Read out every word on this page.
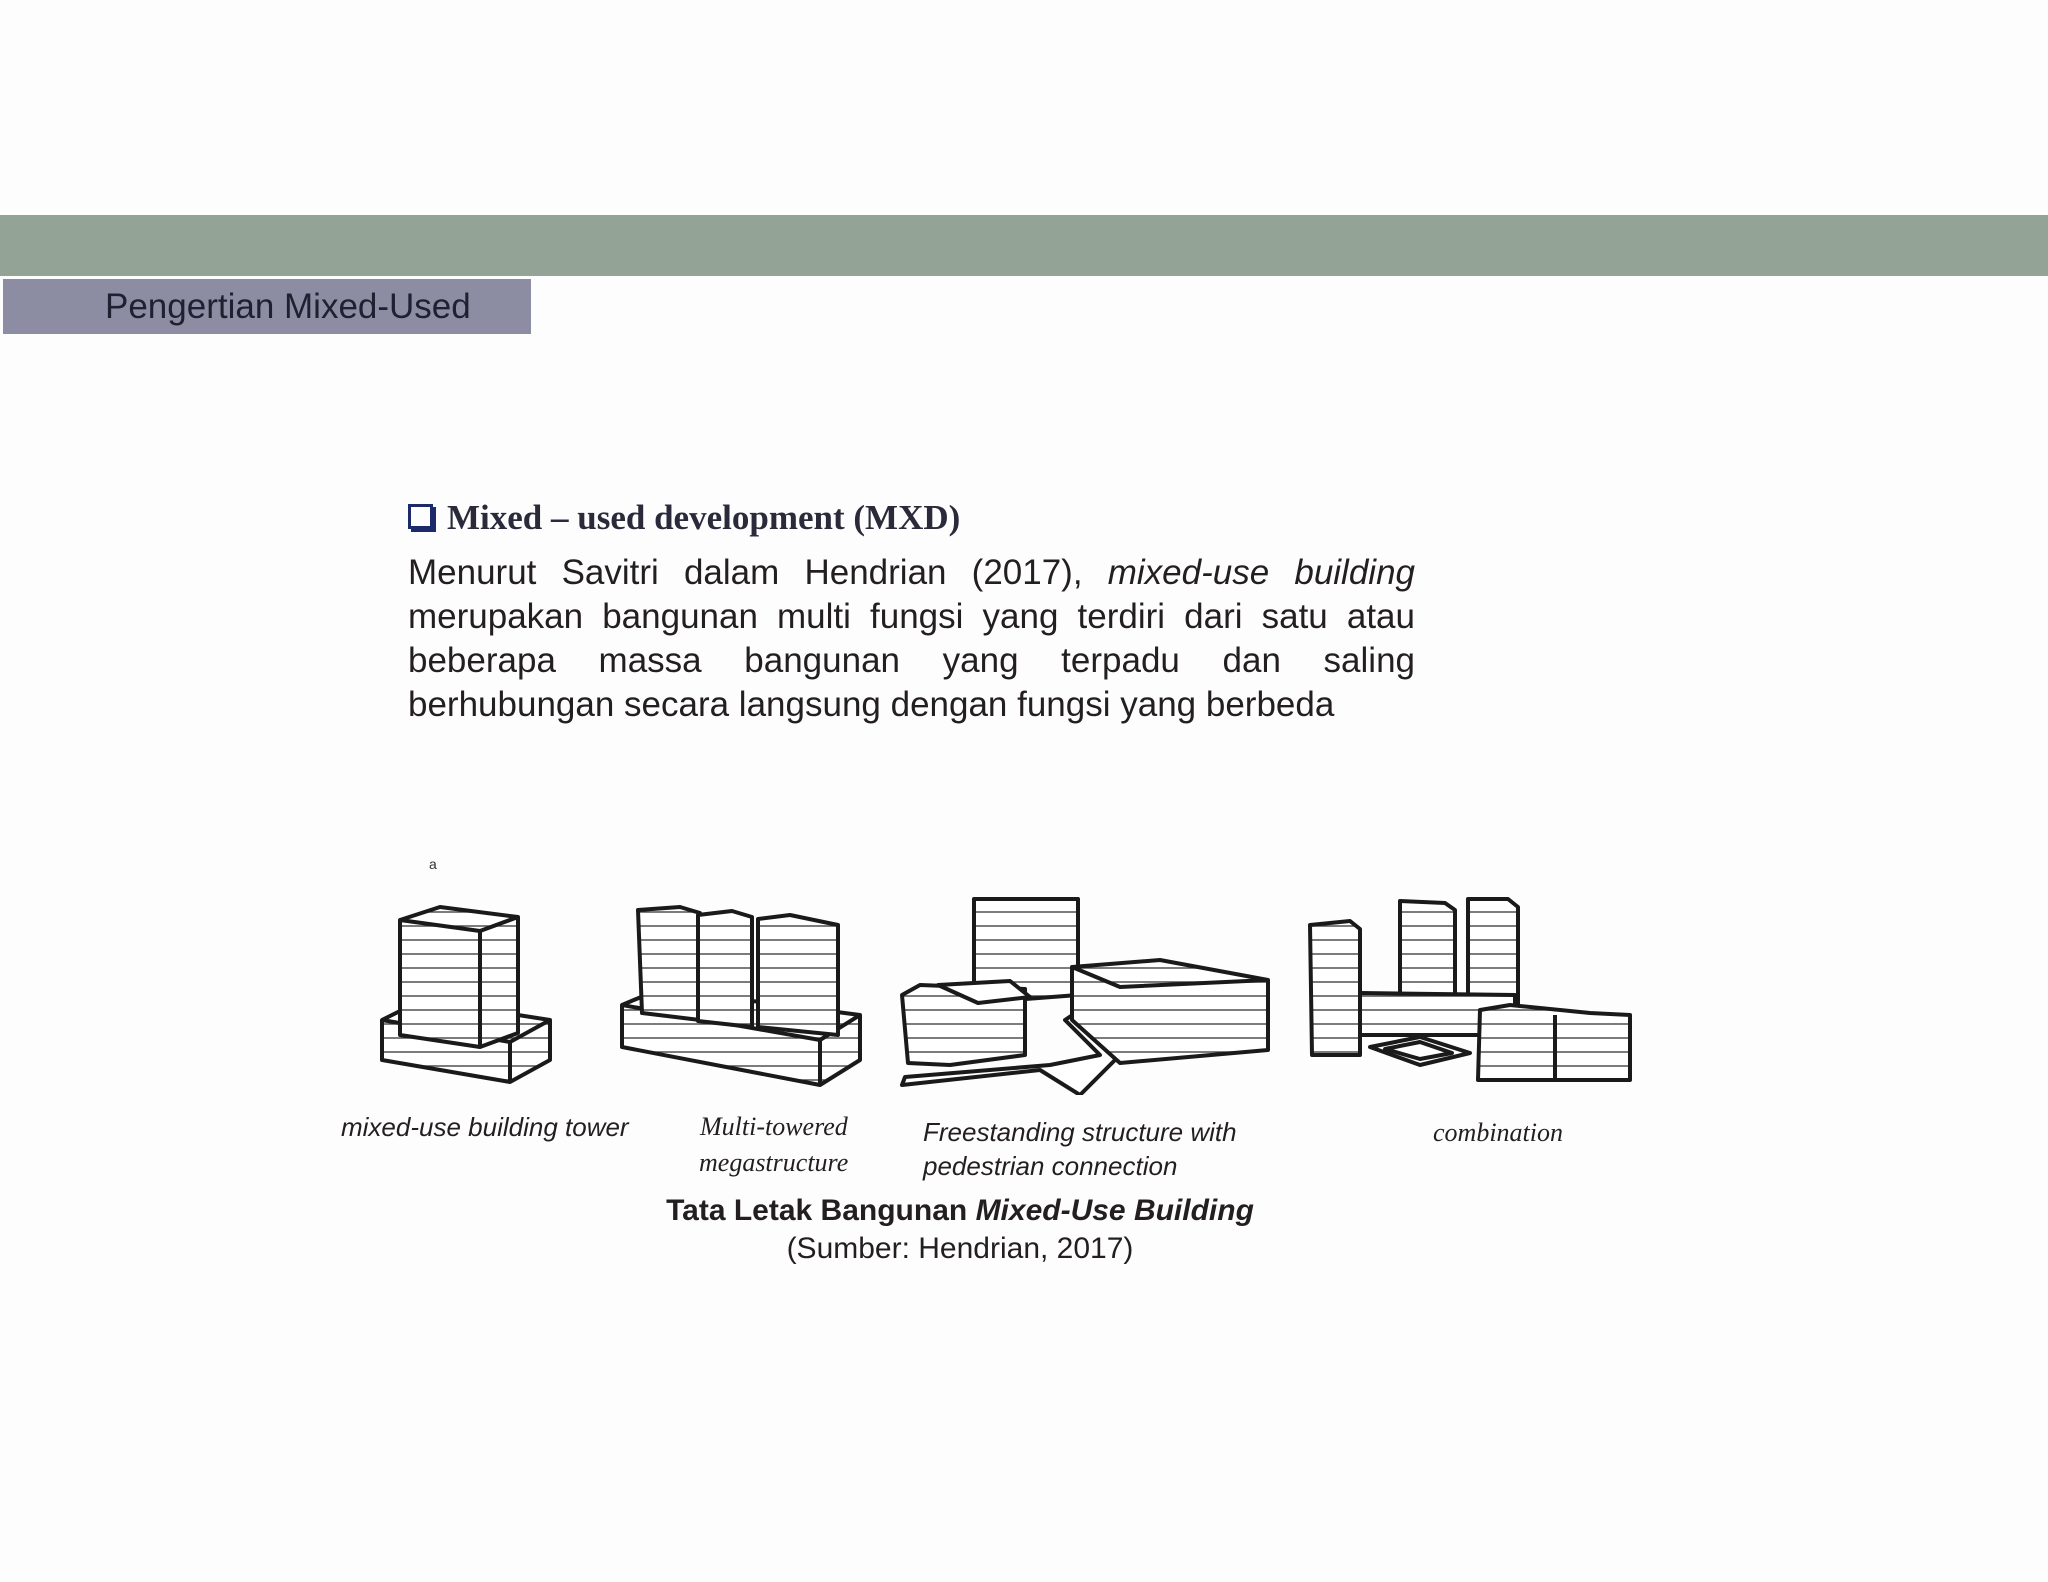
Pengertian Mixed-Used
Mixed – used development (MXD)
Menurut Savitri dalam Hendrian (2017), mixed-use building merupakan bangunan multi fungsi yang terdiri dari satu atau beberapa massa bangunan yang terpadu dan saling berhubungan secara langsung dengan fungsi yang berbeda
a
mixed-use building tower	Multi-towered
megastructure
Freestanding structure with
pedestrian connection
combination
Tata Letak Bangunan Mixed-Use Building
(Sumber: Hendrian, 2017)
